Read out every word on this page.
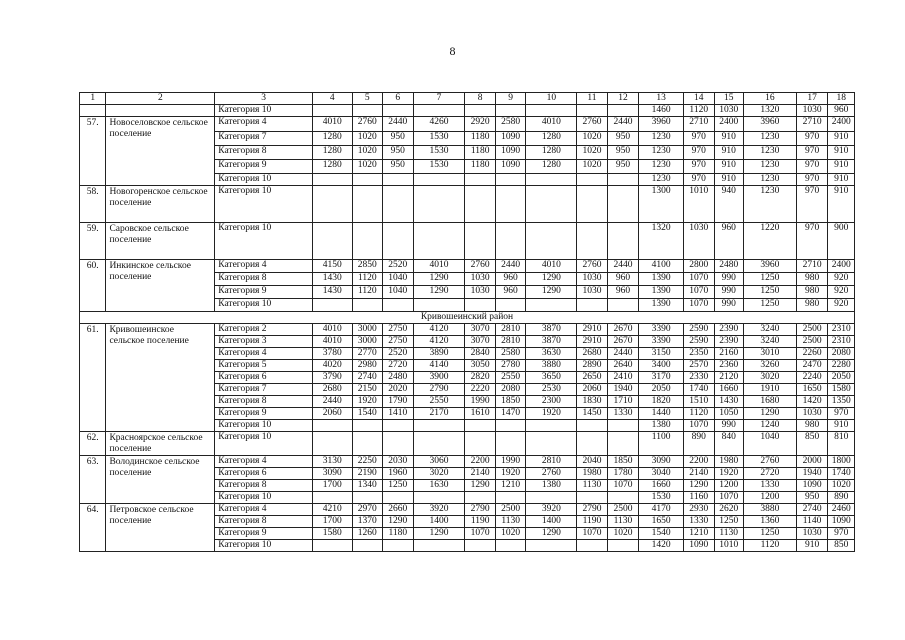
8
1	2	3	4	5	6	7	8	9	10	11	12	13	14	15	16	17	18
		Категория 10										1460	1120	1030	1320	1030	960
57.	Новоселовское сельское поселение	Категория 4	4010	2760	2440	4260	2920	2580	4010	2760	2440	3960	2710	2400	3960	2710	2400
		Категория 7	1280	1020	950	1530	1180	1090	1280	1020	950	1230	970	910	1230	970	910
		Категория 8	1280	1020	950	1530	1180	1090	1280	1020	950	1230	970	910	1230	970	910
		Категория 9	1280	1020	950	1530	1180	1090	1280	1020	950	1230	970	910	1230	970	910
		Категория 10										1230	970	910	1230	970	910
58.	Новогоренское сельское поселение	Категория 10										1300	1010	940	1230	970	910
59.	Саровское сельское поселение	Категория 10										1320	1030	960	1220	970	900
60.	Инкинское сельское поселение	Категория 4	4150	2850	2520	4010	2760	2440	4010	2760	2440	4100	2800	2480	3960	2710	2400
		Категория 8	1430	1120	1040	1290	1030	960	1290	1030	960	1390	1070	990	1250	980	920
		Категория 9	1430	1120	1040	1290	1030	960	1290	1030	960	1390	1070	990	1250	980	920
		Категория 10										1390	1070	990	1250	980	920
Кривошеинский район																	
61.	Кривошеинское сельское поселение	Категория 2	4010	3000	2750	4120	3070	2810	3870	2910	2670	3390	2590	2390	3240	2500	2310
		Категория 3	4010	3000	2750	4120	3070	2810	3870	2910	2670	3390	2590	2390	3240	2500	2310
		Категория 4	3780	2770	2520	3890	2840	2580	3630	2680	2440	3150	2350	2160	3010	2260	2080
		Категория 5	4020	2980	2720	4140	3050	2780	3880	2890	2640	3400	2570	2360	3260	2470	2280
		Категория 6	3790	2740	2480	3900	2820	2550	3650	2650	2410	3170	2330	2120	3020	2240	2050
		Категория 7	2680	2150	2020	2790	2220	2080	2530	2060	1940	2050	1740	1660	1910	1650	1580
		Категория 8	2440	1920	1790	2550	1990	1850	2300	1830	1710	1820	1510	1430	1680	1420	1350
		Категория 9	2060	1540	1410	2170	1610	1470	1920	1450	1330	1440	1120	1050	1290	1030	970
		Категория 10										1380	1070	990	1240	980	910
62.	Красноярское сельское поселение	Категория 10										1100	890	840	1040	850	810
63.	Володинское сельское поселение	Категория 4	3130	2250	2030	3060	2200	1990	2810	2040	1850	3090	2200	1980	2760	2000	1800
		Категория 6	3090	2190	1960	3020	2140	1920	2760	1980	1780	3040	2140	1920	2720	1940	1740
		Категория 8	1700	1340	1250	1630	1290	1210	1380	1130	1070	1660	1290	1200	1330	1090	1020
		Категория 10										1530	1160	1070	1200	950	890
64.	Петровское сельское поселение	Категория 4	4210	2970	2660	3920	2790	2500	3920	2790	2500	4170	2930	2620	3880	2740	2460
		Категория 8	1700	1370	1290	1400	1190	1130	1400	1190	1130	1650	1330	1250	1360	1140	1090
		Категория 9	1580	1260	1180	1290	1070	1020	1290	1070	1020	1540	1210	1130	1250	1030	970
		Категория 10										1420	1090	1010	1120	910	850
